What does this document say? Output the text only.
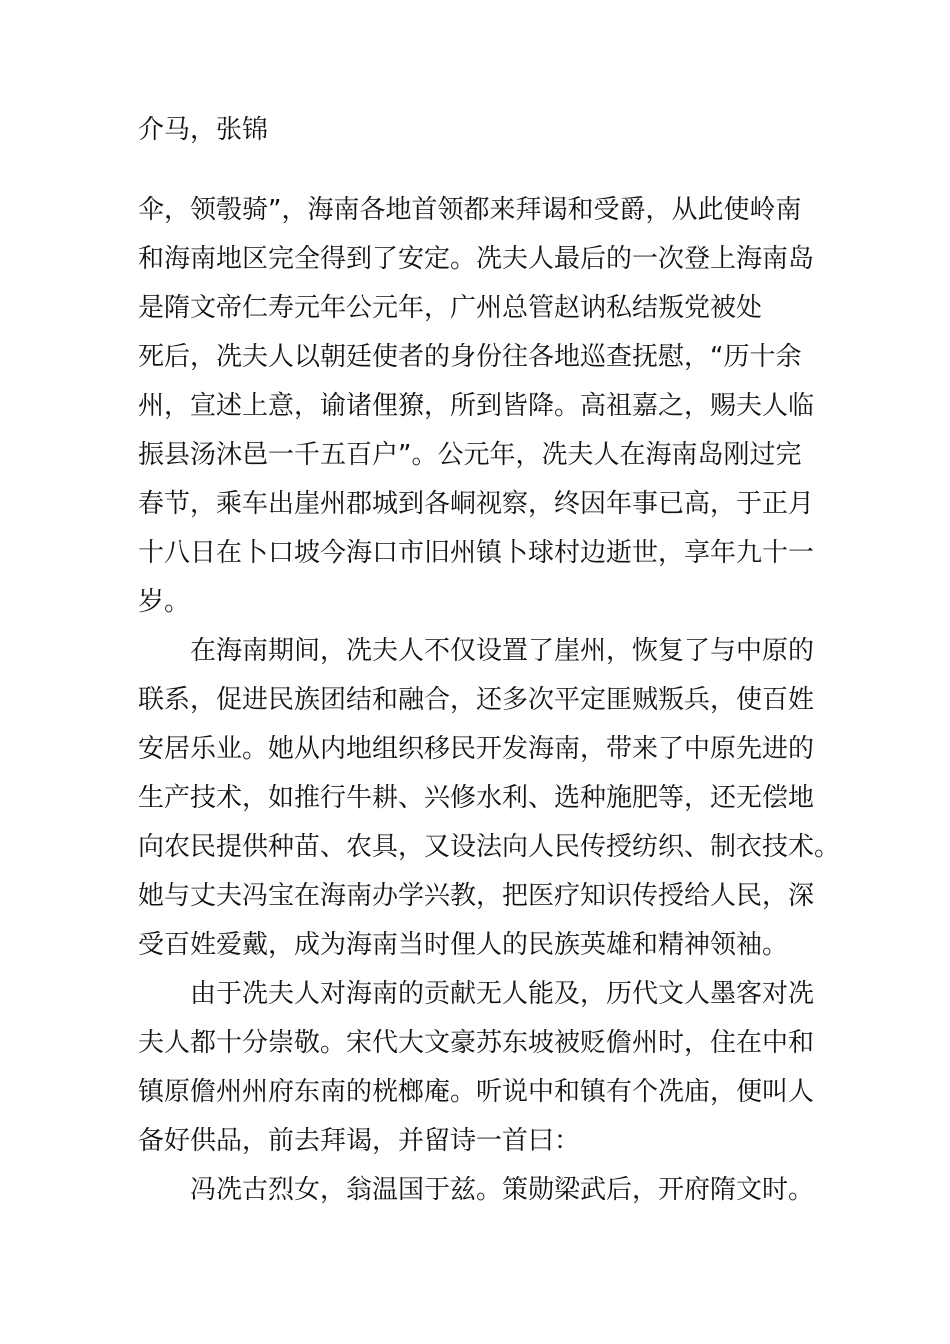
介马，张锦
伞，领彀骑”，海南各地首领都来拜谒和受爵，从此使岭南
和海南地区完全得到了安定。冼夫人最后的一次登上海南岛
是隋文帝仁寿元年公元年，广州总管赵讷私结叛党被处
死后，冼夫人以朝廷使者的身份往各地巡查抚慰，“历十余
州，宣述上意，谕诸俚獠，所到皆降。高祖嘉之，赐夫人临
振县汤沐邑一千五百户”。公元年，冼夫人在海南岛刚过完
春节，乘车出崖州郡城到各峒视察，终因年事已高，于正月
十八日在卜口坡今海口市旧州镇卜球村边逝世，享年九十一
岁。
在海南期间，冼夫人不仅设置了崖州，恢复了与中原的
联系，促进民族团结和融合，还多次平定匪贼叛兵，使百姓
安居乐业。她从内地组织移民开发海南，带来了中原先进的
生产技术，如推行牛耕、兴修水利、选种施肥等，还无偿地
向农民提供种苗、农具，又设法向人民传授纺织、制衣技术。
她与丈夫冯宝在海南办学兴教，把医疗知识传授给人民，深
受百姓爱戴，成为海南当时俚人的民族英雄和精神领袖。
由于冼夫人对海南的贡献无人能及，历代文人墨客对冼
夫人都十分崇敬。宋代大文豪苏东坡被贬儋州时，住在中和
镇原儋州州府东南的桄榔庵。听说中和镇有个冼庙，便叫人
备好供品，前去拜谒，并留诗一首曰：
冯冼古烈女，翁温国于兹。策勋梁武后，开府隋文时。
